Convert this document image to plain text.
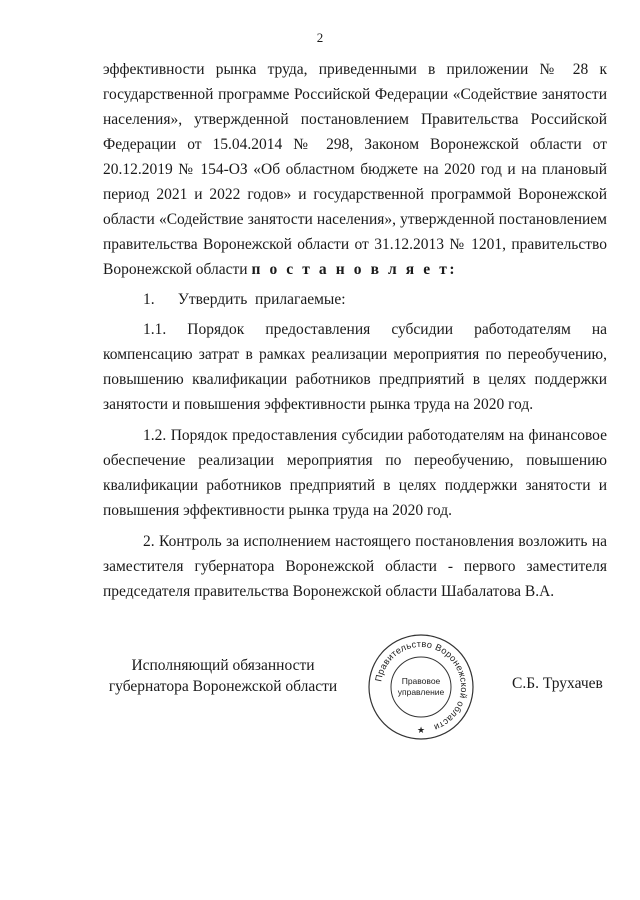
2

эффективности рынка труда, приведенными в приложении № 28 к государственной программе Российской Федерации «Содействие занятости населения», утвержденной постановлением Правительства Российской Федерации от 15.04.2014 № 298, Законом Воронежской области от 20.12.2019 № 154-ОЗ «Об областном бюджете на 2020 год и на плановый период 2021 и 2022 годов» и государственной программой Воронежской области «Содействие занятости населения», утвержденной постановлением правительства Воронежской области от 31.12.2013 № 1201, правительство Воронежской области п о с т а н о в л я е т:

1.      Утвердить  прилагаемые:

1.1. Порядок предоставления субсидии работодателям на компенсацию затрат в рамках реализации мероприятия по переобучению, повышению квалификации работников предприятий в целях поддержки занятости и повышения эффективности рынка труда на 2020 год.

1.2. Порядок предоставления субсидии работодателям на финансовое обеспечение реализации мероприятия по переобучению, повышению квалификации работников предприятий в целях поддержки занятости и повышения эффективности рынка труда на 2020 год.

2. Контроль за исполнением настоящего постановления возложить на заместителя губернатора Воронежской области - первого заместителя председателя правительства Воронежской области Шабалатова В.А.

Исполняющий обязанности
губернатора Воронежской области
Правительство Воронежской области
★
Правовое
управление	С.Б. Трухачев
